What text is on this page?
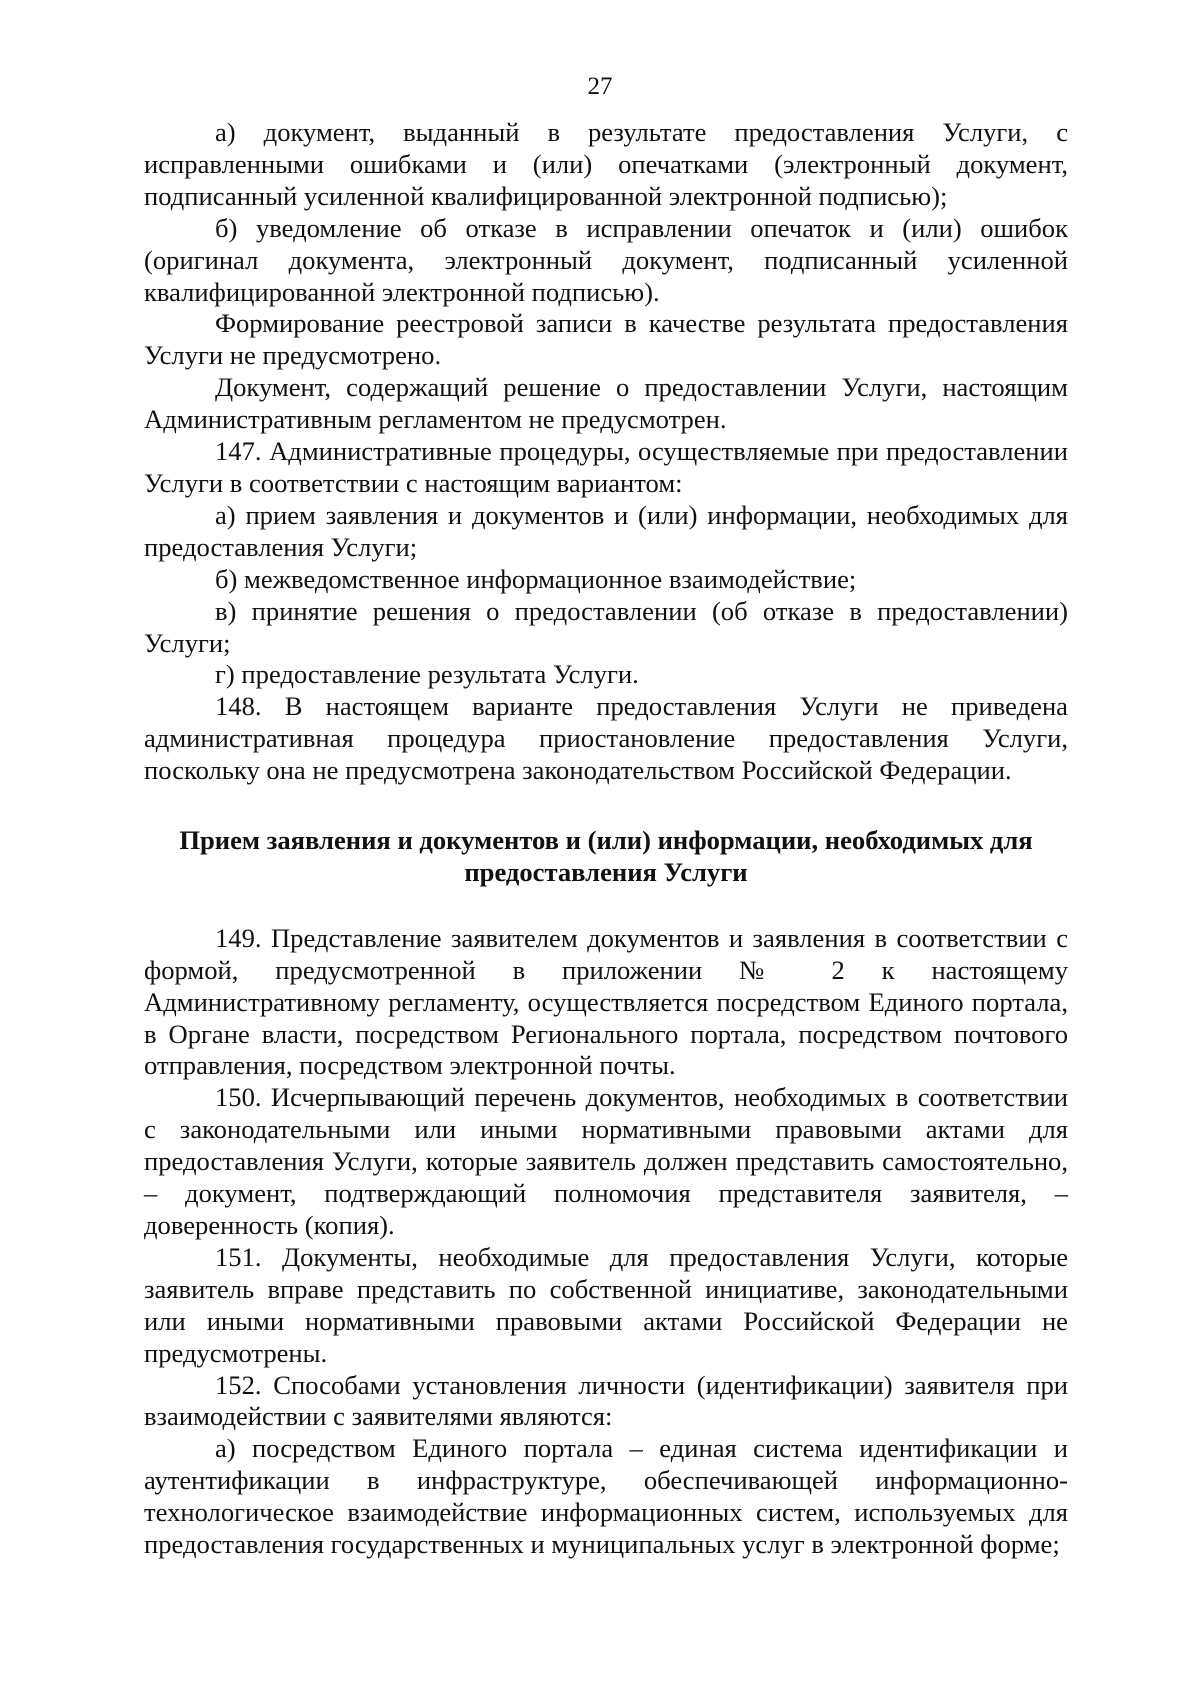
27

а) документ, выданный в результате предоставления Услуги, с исправленными ошибками и (или) опечатками (электронный документ, подписанный усиленной квалифицированной электронной подписью);

б) уведомление об отказе в исправлении опечаток и (или) ошибок (оригинал документа, электронный документ, подписанный усиленной квалифицированной электронной подписью).

Формирование реестровой записи в качестве результата предоставления Услуги не предусмотрено.

Документ, содержащий решение о предоставлении Услуги, настоящим Административным регламентом не предусмотрен.

147. Административные процедуры, осуществляемые при предоставлении Услуги в соответствии с настоящим вариантом:

а) прием заявления и документов и (или) информации, необходимых для предоставления Услуги;

б) межведомственное информационное взаимодействие;

в) принятие решения о предоставлении (об отказе в предоставлении) Услуги;

г) предоставление результата Услуги.

148. В настоящем варианте предоставления Услуги не приведена административная процедура приостановление предоставления Услуги, поскольку она не предусмотрена законодательством Российской Федерации.

Прием заявления и документов и (или) информации, необходимых для предоставления Услуги

149. Представление заявителем документов и заявления в соответствии с формой, предусмотренной в приложении № 2 к настоящему Административному регламенту, осуществляется посредством Единого портала, в Органе власти, посредством Регионального портала, посредством почтового отправления, посредством электронной почты.

150. Исчерпывающий перечень документов, необходимых в соответствии с законодательными или иными нормативными правовыми актами для предоставления Услуги, которые заявитель должен представить самостоятельно, – документ, подтверждающий полномочия представителя заявителя, – доверенность (копия).

151. Документы, необходимые для предоставления Услуги, которые заявитель вправе представить по собственной инициативе, законодательными или иными нормативными правовыми актами Российской Федерации не предусмотрены.

152. Способами установления личности (идентификации) заявителя при взаимодействии с заявителями являются:

а) посредством Единого портала – единая система идентификации и аутентификации в инфраструктуре, обеспечивающей информационно-технологическое взаимодействие информационных систем, используемых для предоставления государственных и муниципальных услуг в электронной форме;
